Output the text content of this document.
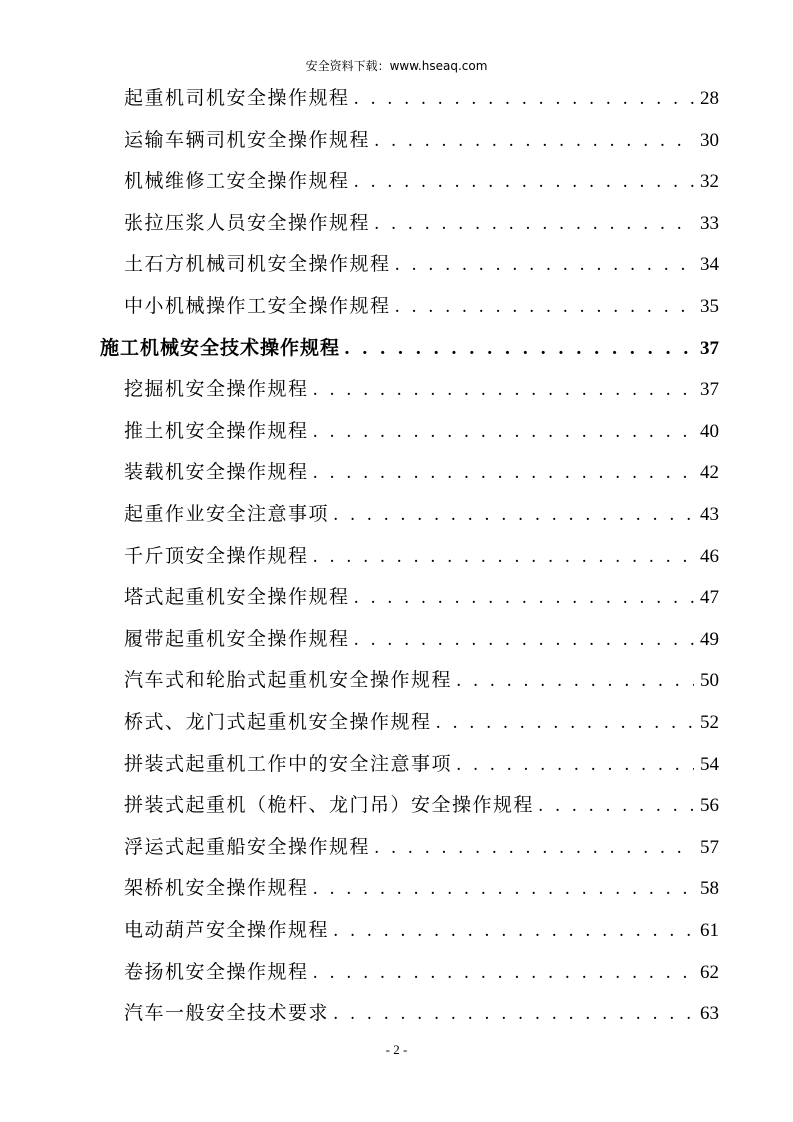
安全资料下载：www.hseaq.com
起重机司机安全操作规程 . . .	28
运输车辆司机安全操作规程 . . .	30
机械维修工安全操作规程 . . .	32
张拉压浆人员安全操作规程 . . .	33
土石方机械司机安全操作规程 . . .	34
中小机械操作工安全操作规程 . . .	35
施工机械安全技术操作规程 . . .	37
挖掘机安全操作规程 . . .	37
推土机安全操作规程 . . .	40
装载机安全操作规程 . . .	42
起重作业安全注意事项 . . .	43
千斤顶安全操作规程 . . .	46
塔式起重机安全操作规程 . . .	47
履带起重机安全操作规程 . . .	49
汽车式和轮胎式起重机安全操作规程 . . .	50
桥式、龙门式起重机安全操作规程 . . .	52
拼装式起重机工作中的安全注意事项 . . .	54
拼装式起重机（桅杆、龙门吊）安全操作规程 . . .	56
浮运式起重船安全操作规程 . . .	57
架桥机安全操作规程 . . .	58
电动葫芦安全操作规程 . . .	61
卷扬机安全操作规程 . . .	62
汽车一般安全技术要求 . . .	63
- 2 -
